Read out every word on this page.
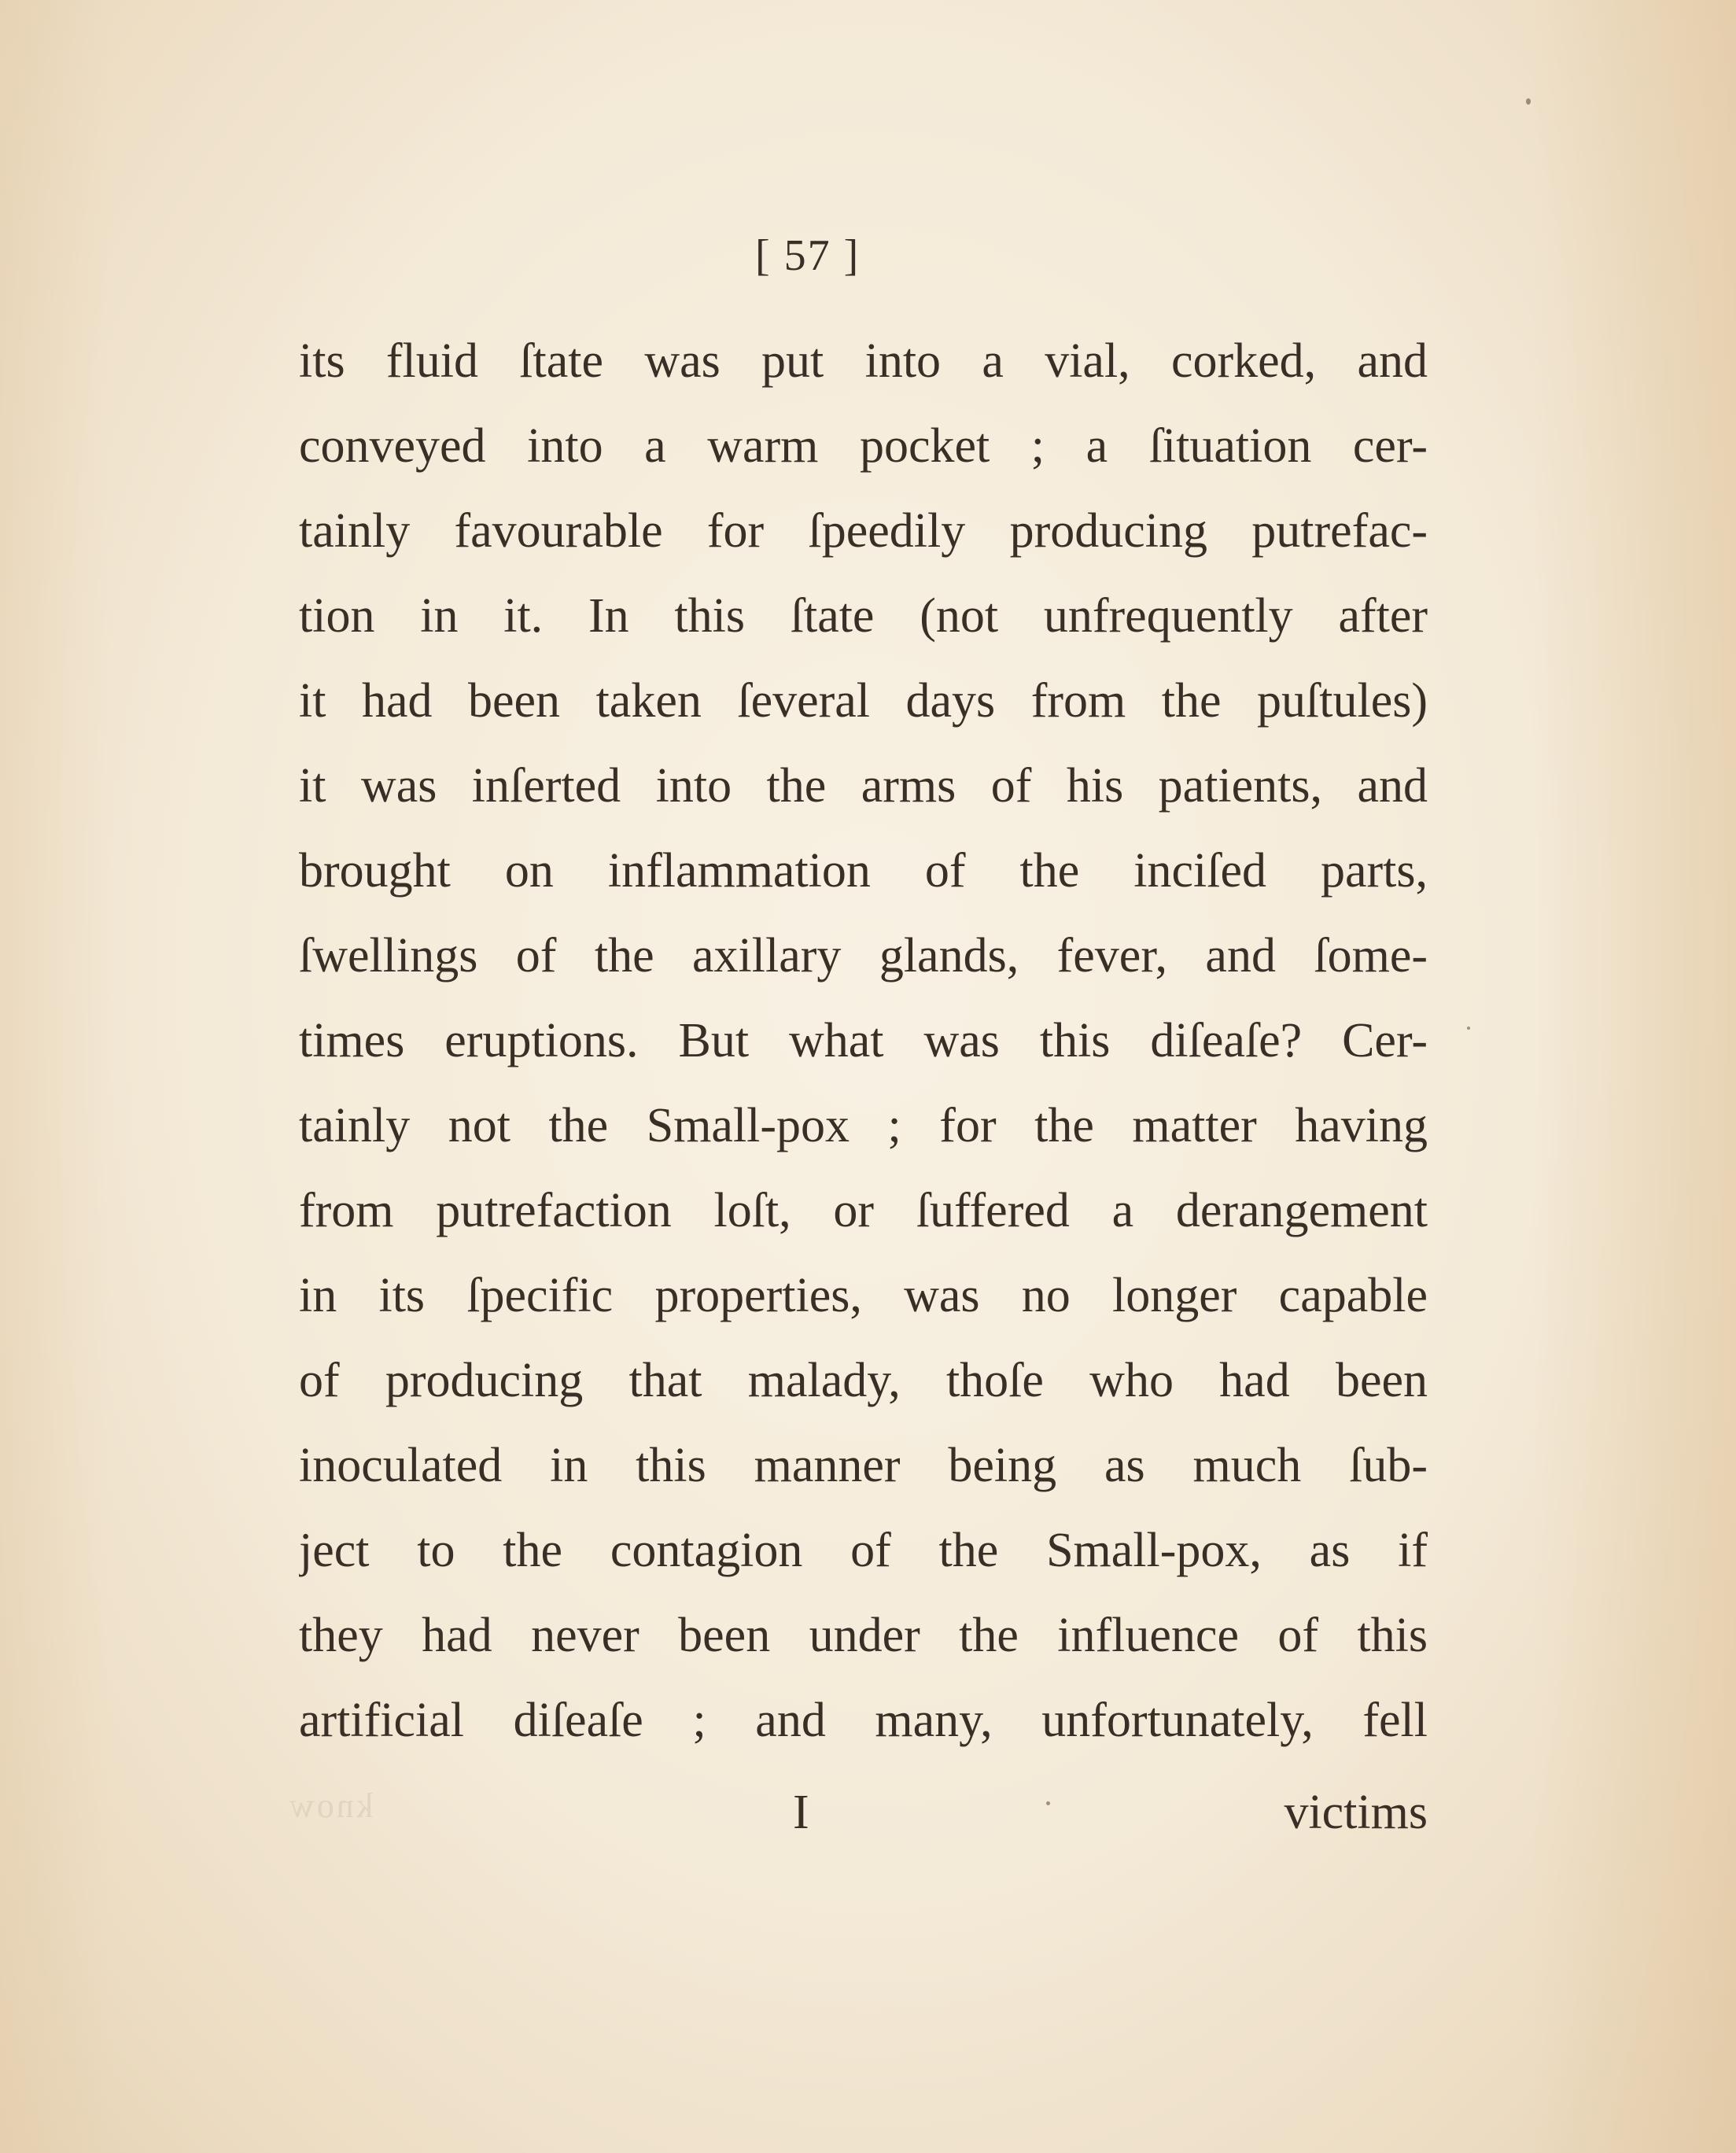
know
[ 57 ]
its fluid ſtate was put into a vial, corked, and
conveyed into a warm pocket ; a ſituation cer-
tainly favourable for ſpeedily producing putrefac-
tion in it. In this ſtate (not unfrequently after
it had been taken ſeveral days from the puſtules)
it was inſerted into the arms of his patients, and
brought on inflammation of the inciſed parts,
ſwellings of the axillary glands, fever, and ſome-
times eruptions. But what was this diſeaſe? Cer-
tainly not the Small-pox ; for the matter having
from putrefaction loſt, or ſuffered a derangement
in its ſpecific properties, was no longer capable
of producing that malady, thoſe who had been
inoculated in this manner being as much ſub-
ject to the contagion of the Small-pox, as if
they had never been under the influence of this
artificial diſeaſe ; and many, unfortunately, fell
I	victims
